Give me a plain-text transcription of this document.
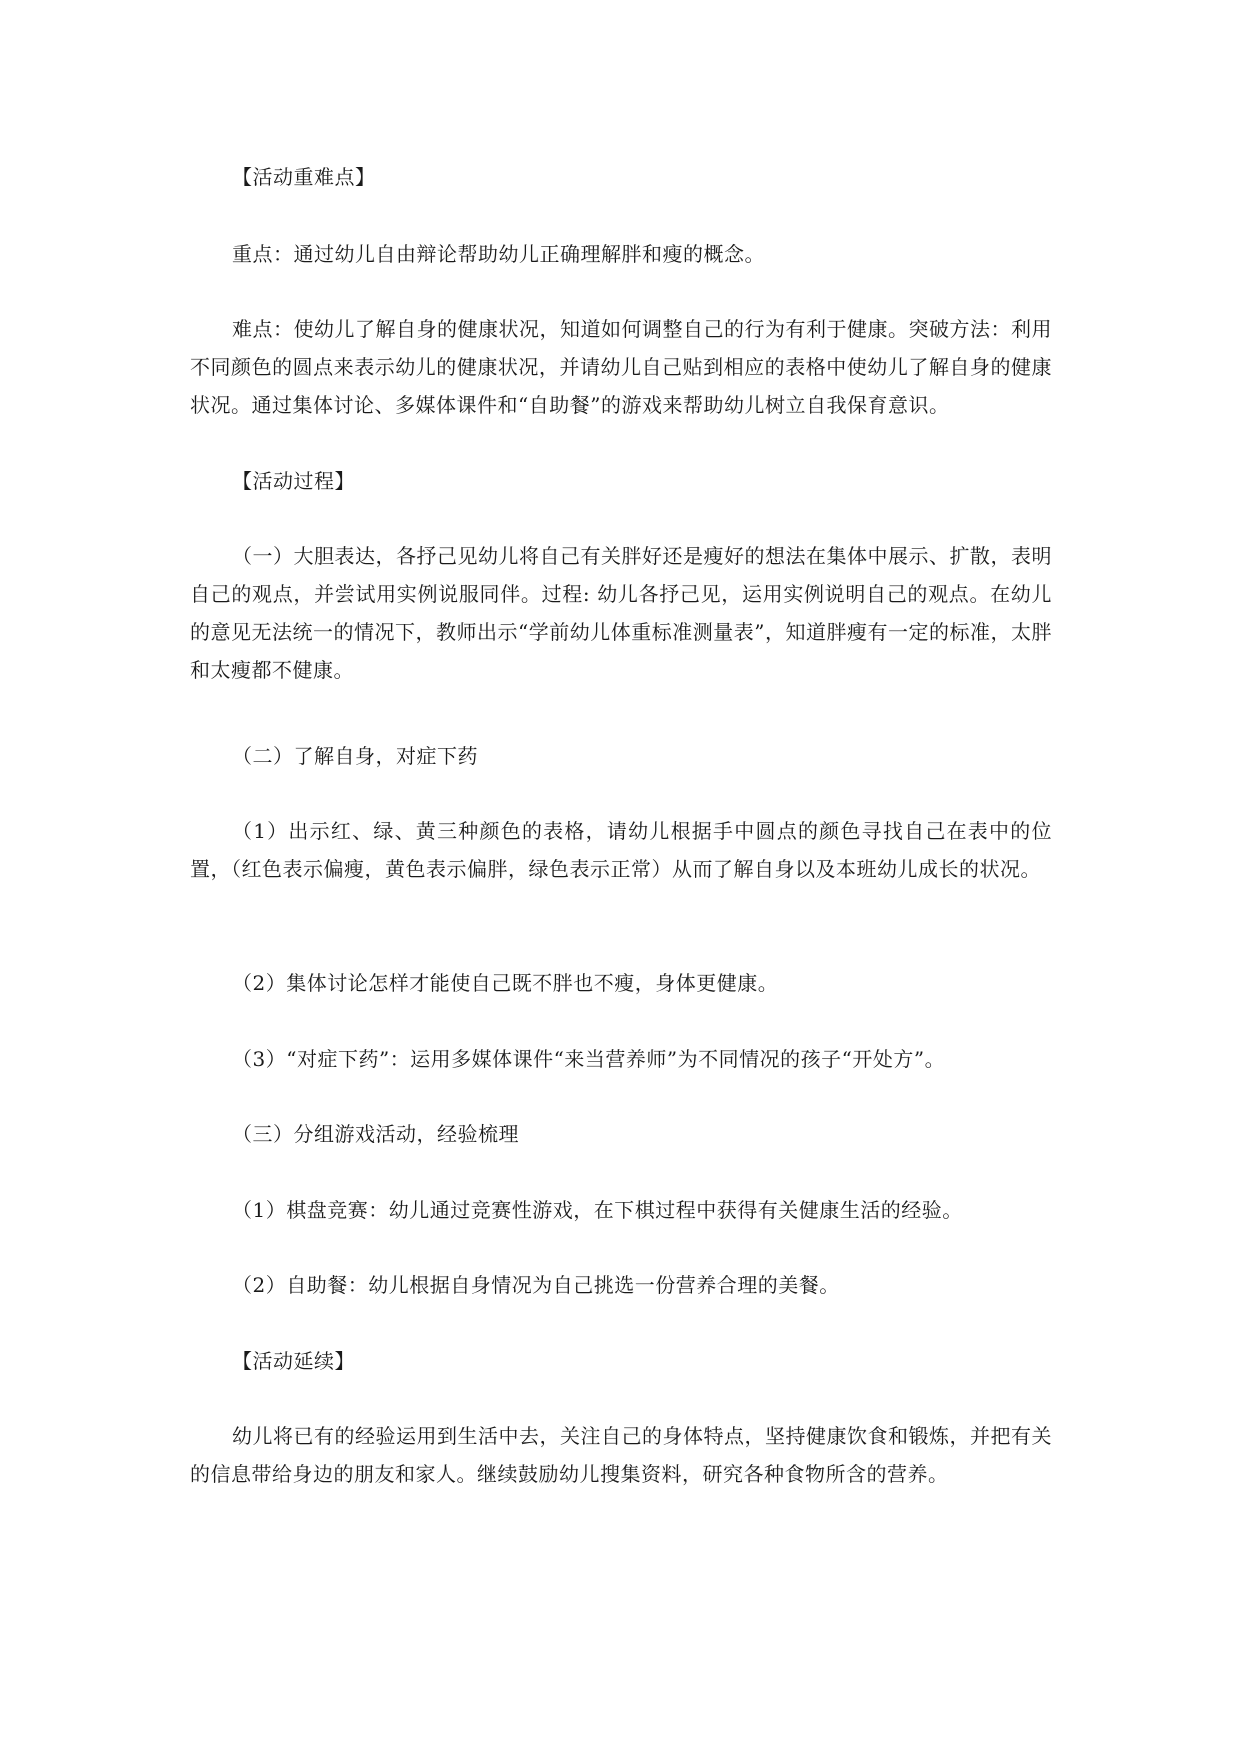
【活动重难点】
重点：通过幼儿自由辩论帮助幼儿正确理解胖和瘦的概念。
难点：使幼儿了解自身的健康状况，知道如何调整自己的行为有利于健康。突破方法：利用不同颜色的圆点来表示幼儿的健康状况，并请幼儿自己贴到相应的表格中使幼儿了解自身的健康状况。通过集体讨论、多媒体课件和“自助餐”的游戏来帮助幼儿树立自我保育意识。
【活动过程】
（一）大胆表达，各抒己见幼儿将自己有关胖好还是瘦好的想法在集体中展示、扩散，表明自己的观点，并尝试用实例说服同伴。过程: 幼儿各抒己见，运用实例说明自己的观点。在幼儿的意见无法统一的情况下，教师出示“学前幼儿体重标准测量表”，知道胖瘦有一定的标准，太胖和太瘦都不健康。
（二）了解自身，对症下药
（1）出示红、绿、黄三种颜色的表格，请幼儿根据手中圆点的颜色寻找自己在表中的位置，（红色表示偏瘦，黄色表示偏胖，绿色表示正常）从而了解自身以及本班幼儿成长的状况。
（2）集体讨论怎样才能使自己既不胖也不瘦，身体更健康。
（3）“对症下药”：运用多媒体课件“来当营养师”为不同情况的孩子“开处方”。
（三）分组游戏活动，经验梳理
（1）棋盘竞赛：幼儿通过竞赛性游戏，在下棋过程中获得有关健康生活的经验。
（2）自助餐：幼儿根据自身情况为自己挑选一份营养合理的美餐。
【活动延续】
幼儿将已有的经验运用到生活中去，关注自己的身体特点，坚持健康饮食和锻炼，并把有关的信息带给身边的朋友和家人。继续鼓励幼儿搜集资料，研究各种食物所含的营养。
